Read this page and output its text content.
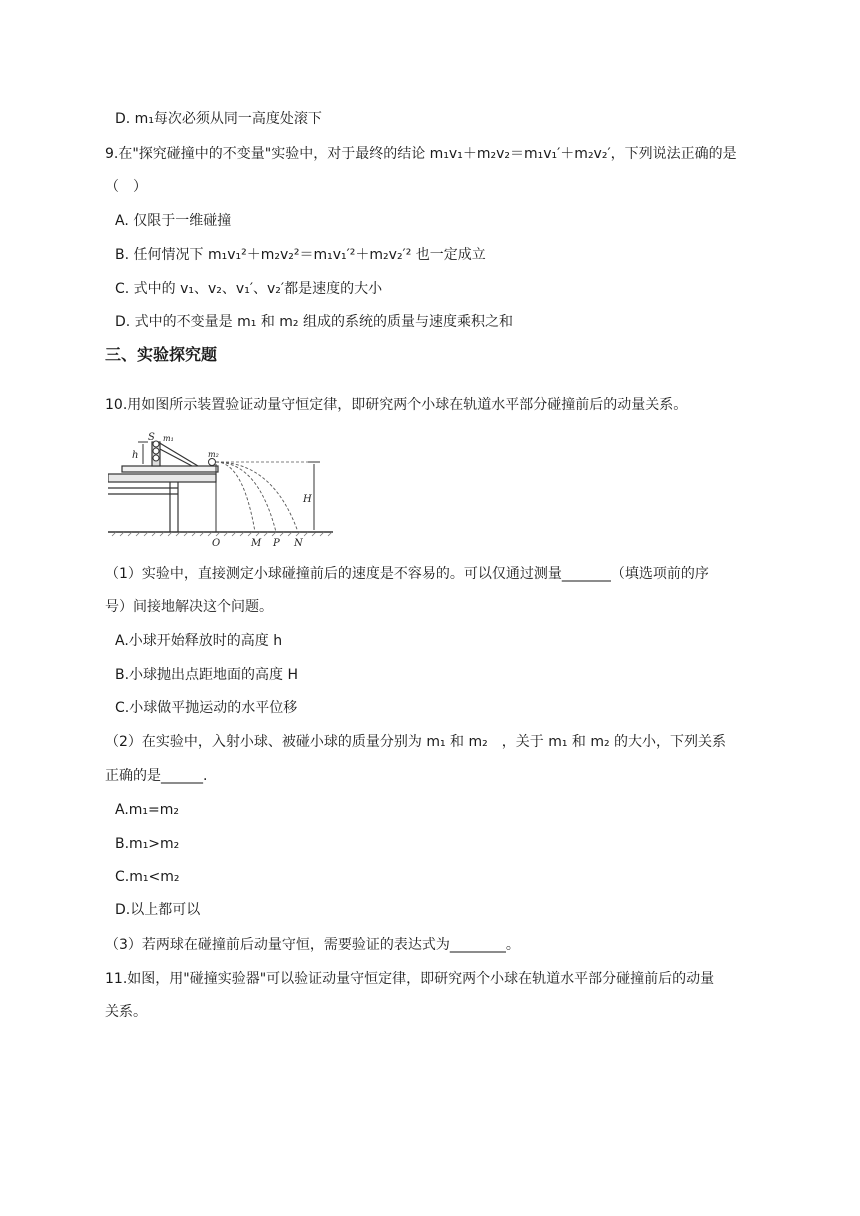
D. m₁每次必须从同一高度处滚下
9.在"探究碰撞中的不变量"实验中，对于最终的结论 m₁v₁＋m₂v₂＝m₁v₁′＋m₂v₂′，下列说法正确的是
（　）
A. 仅限于一维碰撞
B. 任何情况下 m₁v₁²＋m₂v₂²＝m₁v₁′²＋m₂v₂′² 也一定成立
C. 式中的 v₁、v₂、v₁′、v₂′都是速度的大小
D. 式中的不变量是 m₁ 和 m₂ 组成的系统的质量与速度乘积之和
三、实验探究题
10.用如图所示装置验证动量守恒定律，即研究两个小球在轨道水平部分碰撞前后的动量关系。
S m₁
m₂
h
H
O	M P N
（1）实验中，直接测定小球碰撞前后的速度是不容易的。可以仅通过测量_______（填选项前的序
号）间接地解决这个问题。
A.小球开始释放时的高度 h
B.小球抛出点距地面的高度 H
C.小球做平抛运动的水平位移
（2）在实验中，入射小球、被碰小球的质量分别为 m₁ 和 m₂　，关于 m₁ 和 m₂ 的大小，下列关系
正确的是______.
A.m₁=m₂
B.m₁>m₂
C.m₁<m₂
D.以上都可以
（3）若两球在碰撞前后动量守恒，需要验证的表达式为________。
11.如图，用"碰撞实验器"可以验证动量守恒定律，即研究两个小球在轨道水平部分碰撞前后的动量
关系。
